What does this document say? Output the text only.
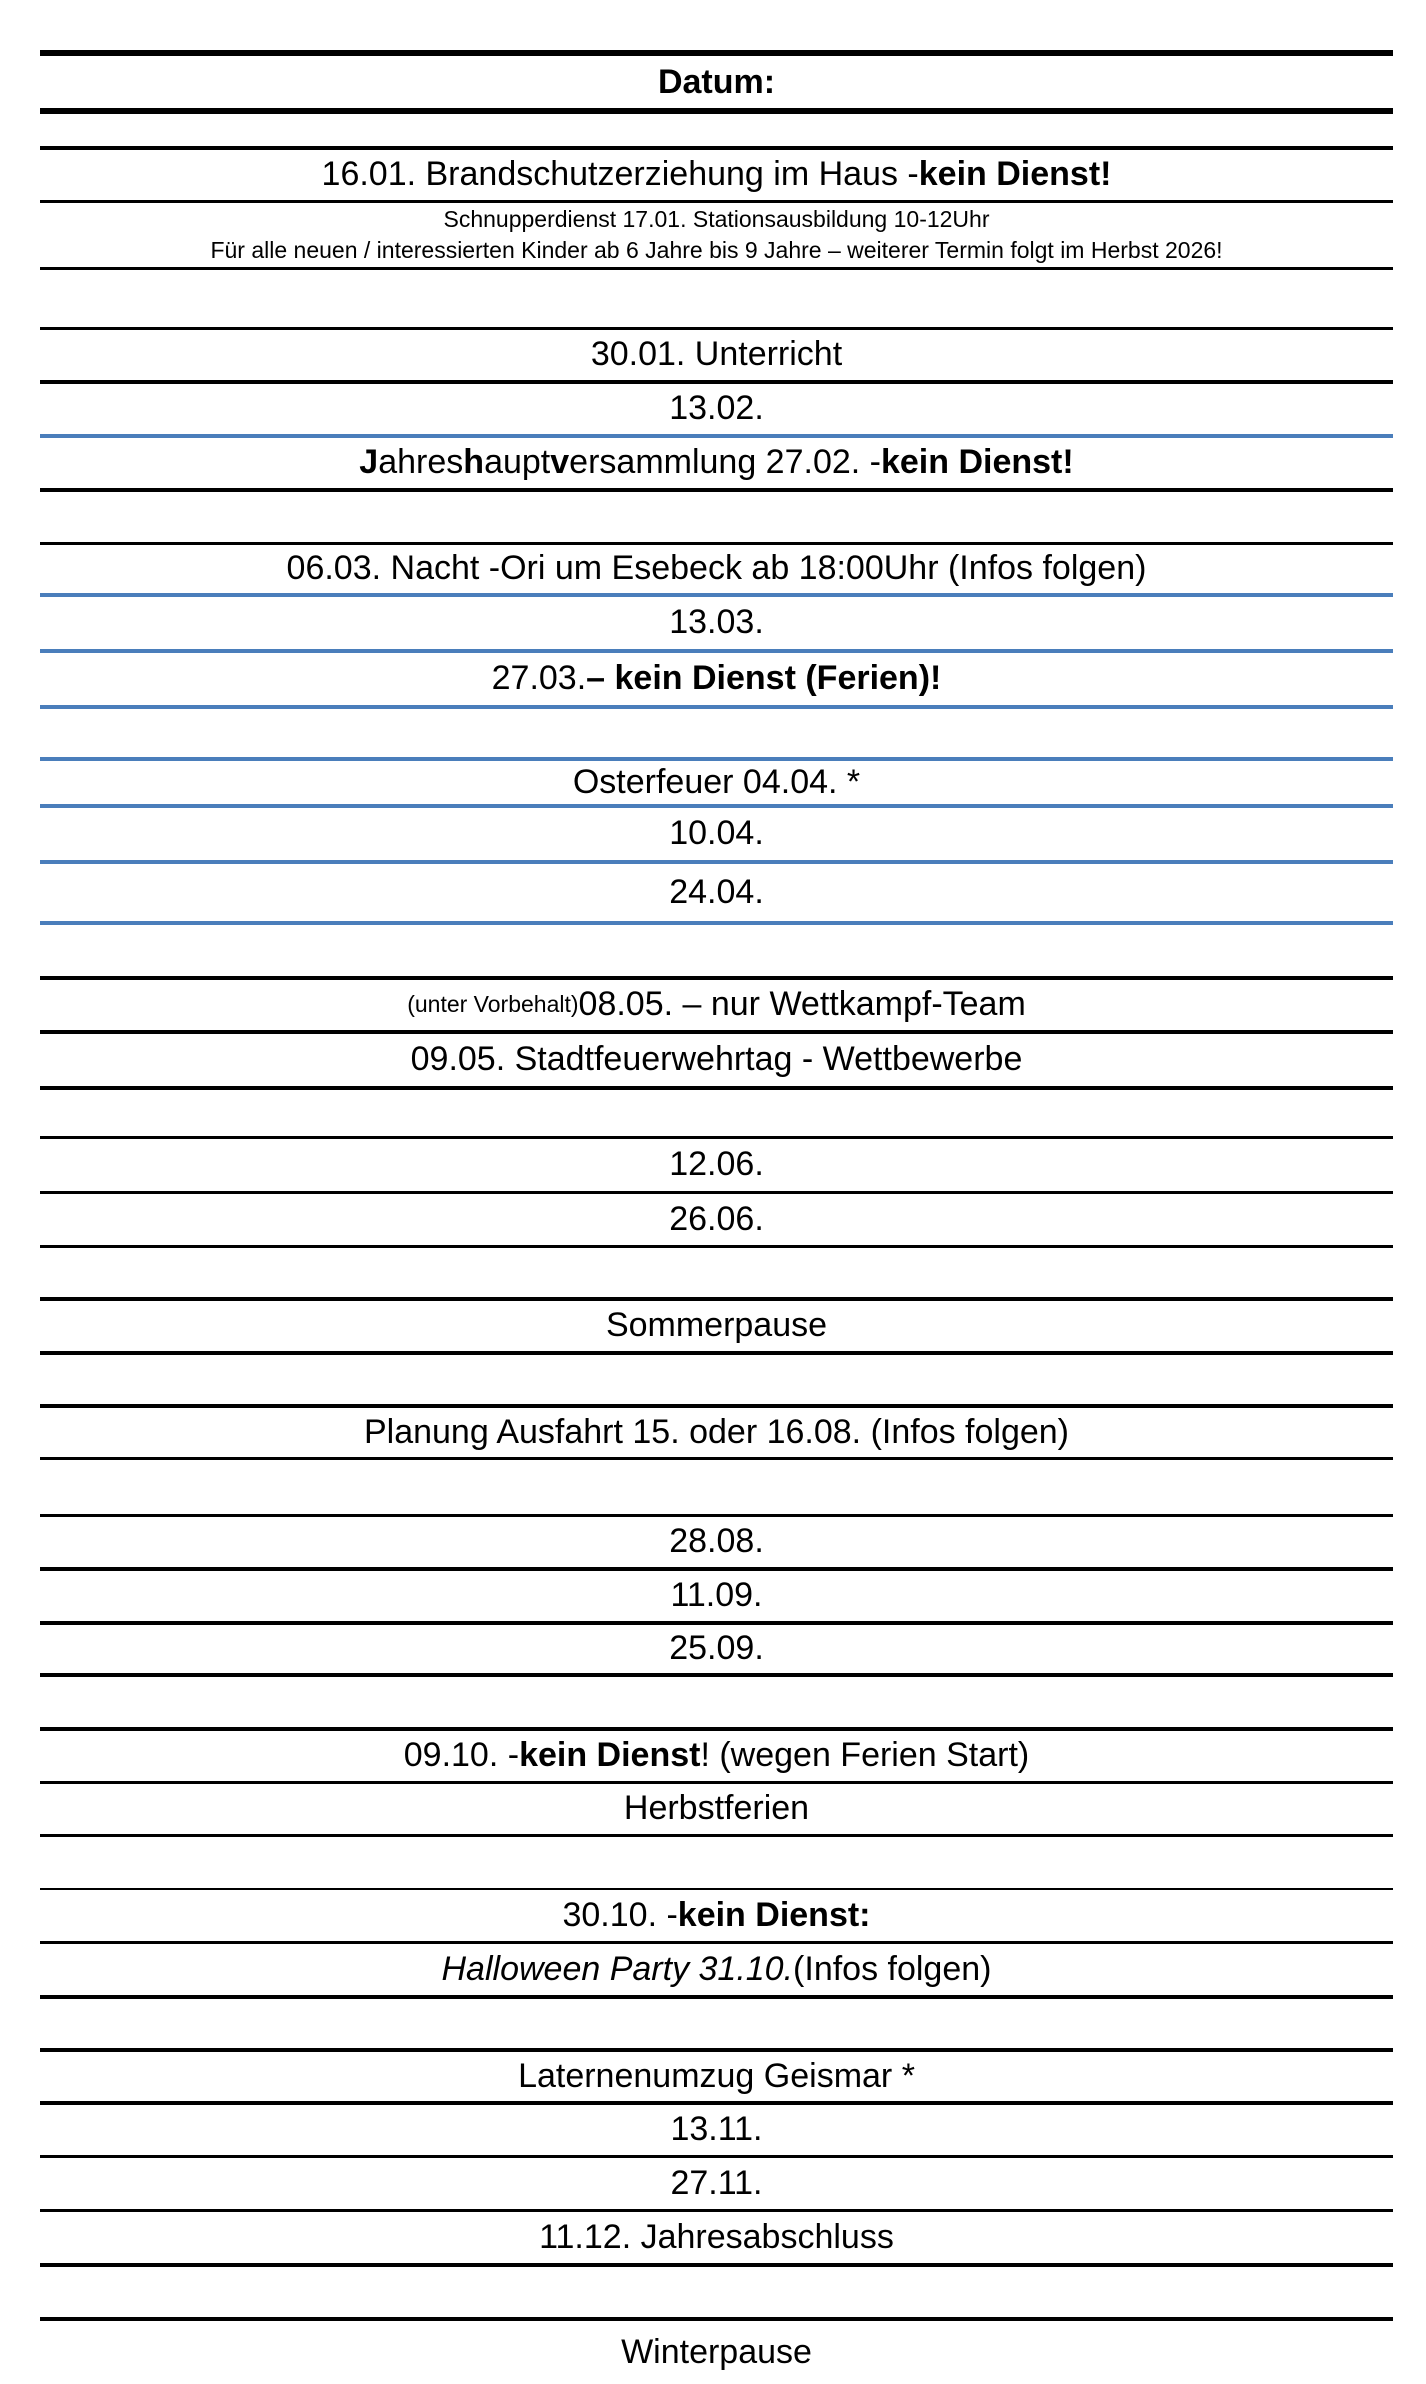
Datum:
16.01. Brandschutzerziehung im Haus - kein Dienst!
Schnupperdienst 17.01. Stationsausbildung 10-12Uhr
Für alle neuen / interessierten Kinder ab 6 Jahre bis 9 Jahre – weiterer Termin folgt im Herbst 2026!
30.01. Unterricht
13.02.
J ahres h aupt v ersammlung 27.02. - kein Dienst!
06.03. Nacht -Ori um Esebeck ab 18:00Uhr (Infos folgen)
13.03.
27.03. – kein Dienst (Ferien)!
Osterfeuer 04.04. *
10.04.
24.04.
(unter Vorbehalt) 08.05. – nur Wettkampf-Team
09.05. Stadtfeuerwehrtag - Wettbewerbe
12.06.
26.06.
Sommerpause
Planung Ausfahrt 15. oder 16.08. (Infos folgen)
28.08.
11.09.
25.09.
09.10. - kein Dienst ! (wegen Ferien Start)
Herbstferien
30.10. - kein Dienst:
Halloween Party 31.10. (Infos folgen)
Laternenumzug Geismar *
13.11.
27.11.
11.12. Jahresabschluss
Winterpause
